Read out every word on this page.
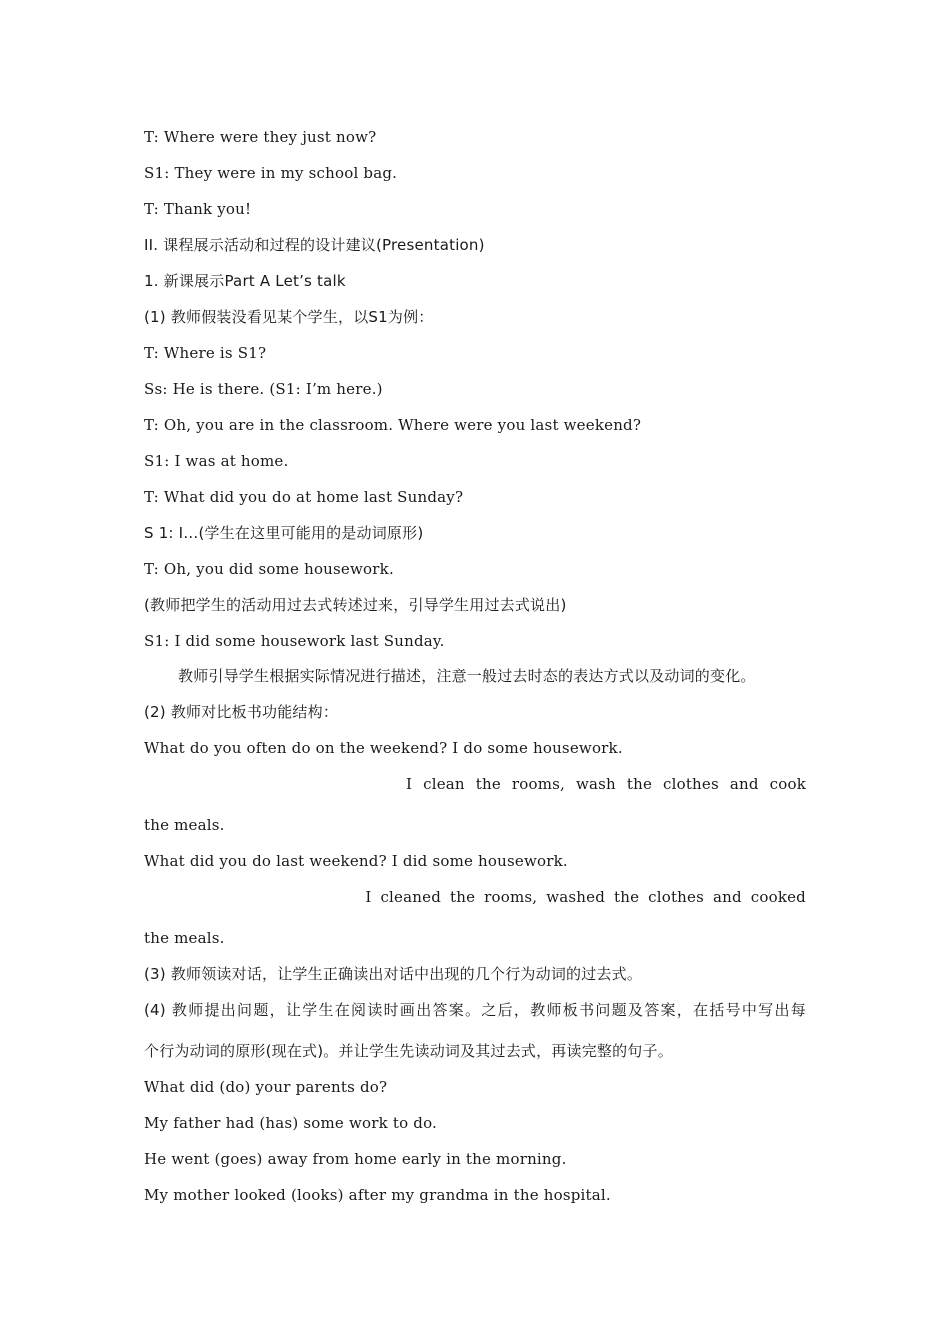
T: Where were they just now?
S1: They were in my school bag.
T: Thank you!
II. 课程展示活动和过程的设计建议(Presentation)
1. 新课展示Part A Let’s talk
(1) 教师假装没看见某个学生，以S1为例：
T: Where is S1?
Ss: He is there. (S1: I’m here.)
T: Oh, you are in the classroom. Where were you last weekend?
S1: I was at home.
T: What did you do at home last Sunday?
S 1: I…(学生在这里可能用的是动词原形)
T: Oh, you did some housework.
(教师把学生的活动用过去式转述过来，引导学生用过去式说出)
S1: I did some housework last Sunday.
教师引导学生根据实际情况进行描述，注意一般过去时态的表达方式以及动词的变化。
(2) 教师对比板书功能结构：
What do you often do on the weekend? I do some housework.
I clean the rooms, wash the clothes and cook
the meals.
What did you do last weekend? I did some housework.
I cleaned the rooms, washed the clothes and cooked
the meals.
(3) 教师领读对话，让学生正确读出对话中出现的几个行为动词的过去式。
(4) 教师提出问题，让学生在阅读时画出答案。之后，教师板书问题及答案，在括号中写出每
个行为动词的原形(现在式)。并让学生先读动词及其过去式，再读完整的句子。
What did (do) your parents do?
My father had (has) some work to do.
He went (goes) away from home early in the morning.
My mother looked (looks) after my grandma in the hospital.
